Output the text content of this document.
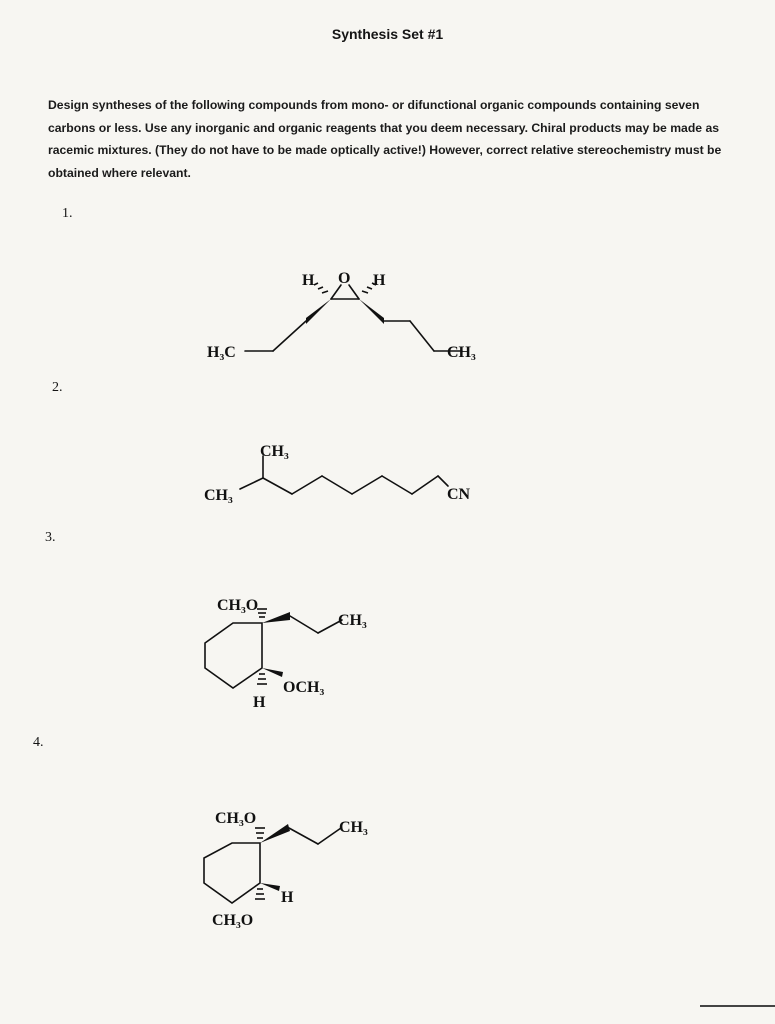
Synthesis Set #1
Design syntheses of the following compounds from mono- or difunctional organic compounds containing seven carbons or less. Use any inorganic and organic reagents that you deem necessary. Chiral products may be made as racemic mixtures. (They do not have to be made optically active!) However, correct relative stereochemistry must be obtained where relevant.
1.
H O H
H₃C	CH₃
2.
CH₃
CH₃	CN
3.
CH₃O
CH₃
OCH₃
H
4.
CH₃O
CH₃
H
CH₃O
